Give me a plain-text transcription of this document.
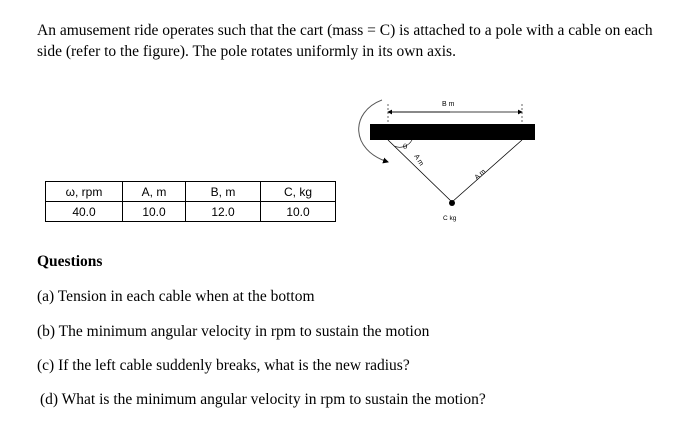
An amusement ride operates such that the cart (mass = C) is attached to a pole with a cable on each side (refer to the figure). The pole rotates uniformly in its own axis.
ω, rpm	A, m	B, m	C, kg
40.0	10.0	12.0	10.0
B m
θ
A m
A m
C kg
Questions
(a) Tension in each cable when at the bottom
(b) The minimum angular velocity in rpm to sustain the motion
(c) If the left cable suddenly breaks, what is the new radius?
(d) What is the minimum angular velocity in rpm to sustain the motion?
